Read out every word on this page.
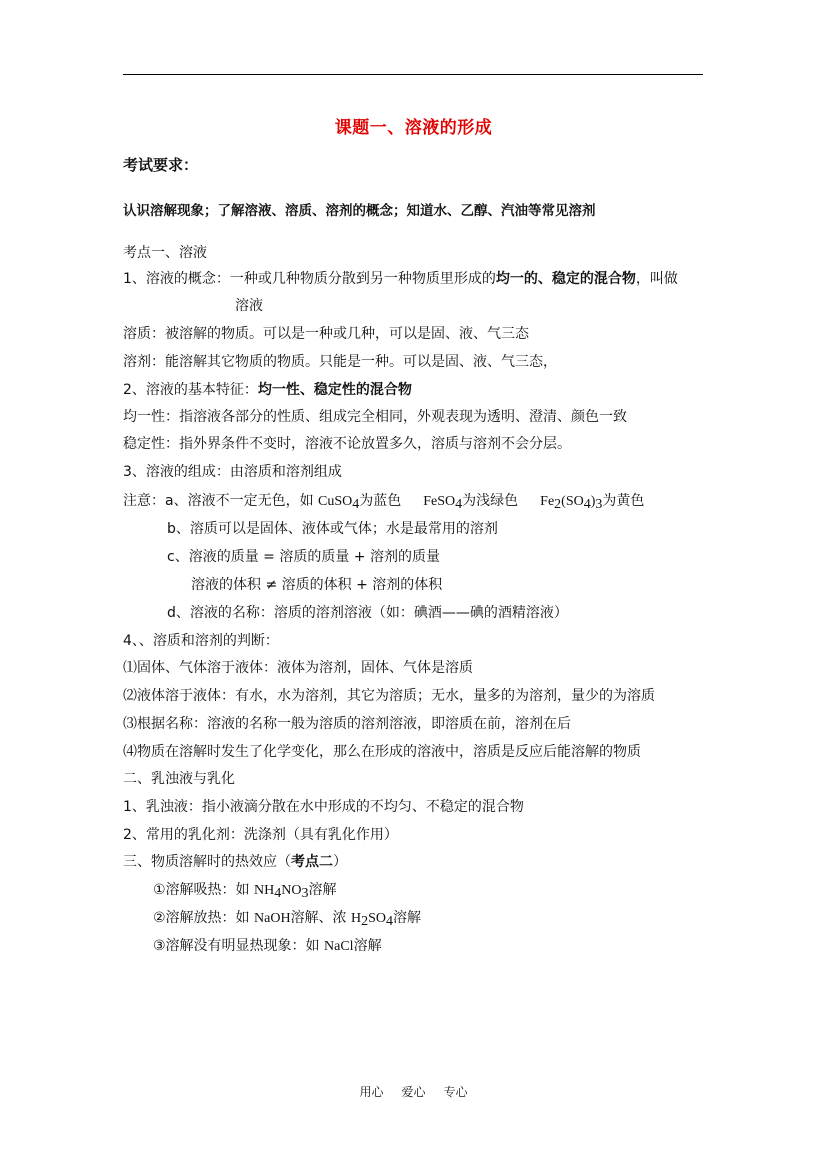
课题一、溶液的形成
考试要求：
认识溶解现象；了解溶液、溶质、溶剂的概念；知道水、乙醇、汽油等常见溶剂
考点一、溶液
1、溶液的概念：一种或几种物质分散到另一种物质里形成的均一的、稳定的混合物，叫做
溶液
溶质：被溶解的物质。可以是一种或几种，可以是固、液、气三态
溶剂：能溶解其它物质的物质。只能是一种。可以是固、液、气三态，
2、溶液的基本特征：均一性、稳定性的混合物
均一性：指溶液各部分的性质、组成完全相同，外观表现为透明、澄清、颜色一致
稳定性：指外界条件不变时，溶液不论放置多久，溶质与溶剂不会分层。
3、溶液的组成：由溶质和溶剂组成
注意：a、溶液不一定无色，如 CuSO$_4$为蓝色 FeSO$_4$为浅绿色 $Fe_2(SO_4)_3$为黄色
b、溶质可以是固体、液体或气体；水是最常用的溶剂
c、溶液的质量 = 溶质的质量 + 溶剂的质量
溶液的体积 ≠ 溶质的体积 + 溶剂的体积
d、溶液的名称：溶质的溶剂溶液（如：碘酒——碘的酒精溶液）
4、、溶质和溶剂的判断：
⑴固体、气体溶于液体：液体为溶剂，固体、气体是溶质
⑵液体溶于液体：有水，水为溶剂，其它为溶质；无水，量多的为溶剂，量少的为溶质
⑶根据名称：溶液的名称一般为溶质的溶剂溶液，即溶质在前，溶剂在后
⑷物质在溶解时发生了化学变化，那么在形成的溶液中，溶质是反应后能溶解的物质
二、乳浊液与乳化
1、乳浊液：指小液滴分散在水中形成的不均匀、不稳定的混合物
2、常用的乳化剂：洗涤剂（具有乳化作用）
三、物质溶解时的热效应（考点二）
①溶解吸热：如 $NH_4NO_3$溶解
②溶解放热：如 NaOH溶解、浓 $H_2SO_4$溶解
③溶解没有明显热现象：如 NaCl溶解
用心 爱心 专心
